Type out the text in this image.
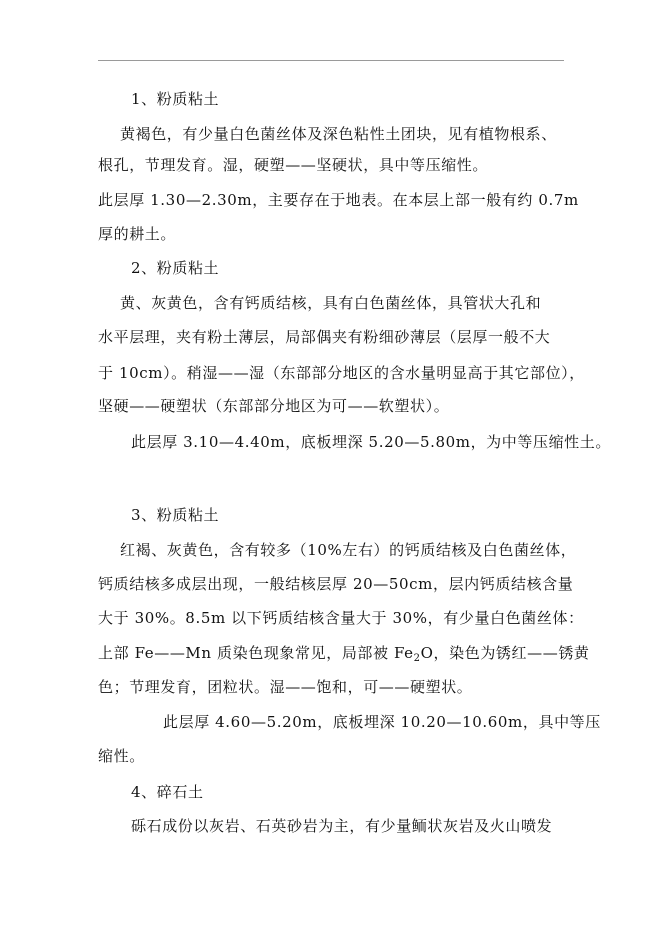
1、粉质粘土
黄褐色，有少量白色菌丝体及深色粘性土团块，见有植物根系、
根孔，节理发育。湿，硬塑——坚硬状，具中等压缩性。
此层厚 1.30—2.30m，主要存在于地表。在本层上部一般有约 0.7m
厚的耕土。
2、粉质粘土
黄、灰黄色，含有钙质结核，具有白色菌丝体，具管状大孔和
水平层理，夹有粉土薄层，局部偶夹有粉细砂薄层（层厚一般不大
于 10cm）。稍湿——湿（东部部分地区的含水量明显高于其它部位），
坚硬——硬塑状（东部部分地区为可——软塑状）。
此层厚 3.10—4.40m，底板埋深 5.20—5.80m，为中等压缩性土。
3、粉质粘土
红褐、灰黄色，含有较多（10%左右）的钙质结核及白色菌丝体，
钙质结核多成层出现，一般结核层厚 20—50cm，层内钙质结核含量
大于 30%。8.5m 以下钙质结核含量大于 30%，有少量白色菌丝体：
上部 Fe——Mn 质染色现象常见，局部被 $Fe_2O$，染色为锈红——锈黄
色；节理发育，团粒状。湿——饱和，可——硬塑状。
此层厚 4.60—5.20m，底板埋深 10.20—10.60m，具中等压
缩性。
4、碎石土
砾石成份以灰岩、石英砂岩为主，有少量鲕状灰岩及火山喷发
